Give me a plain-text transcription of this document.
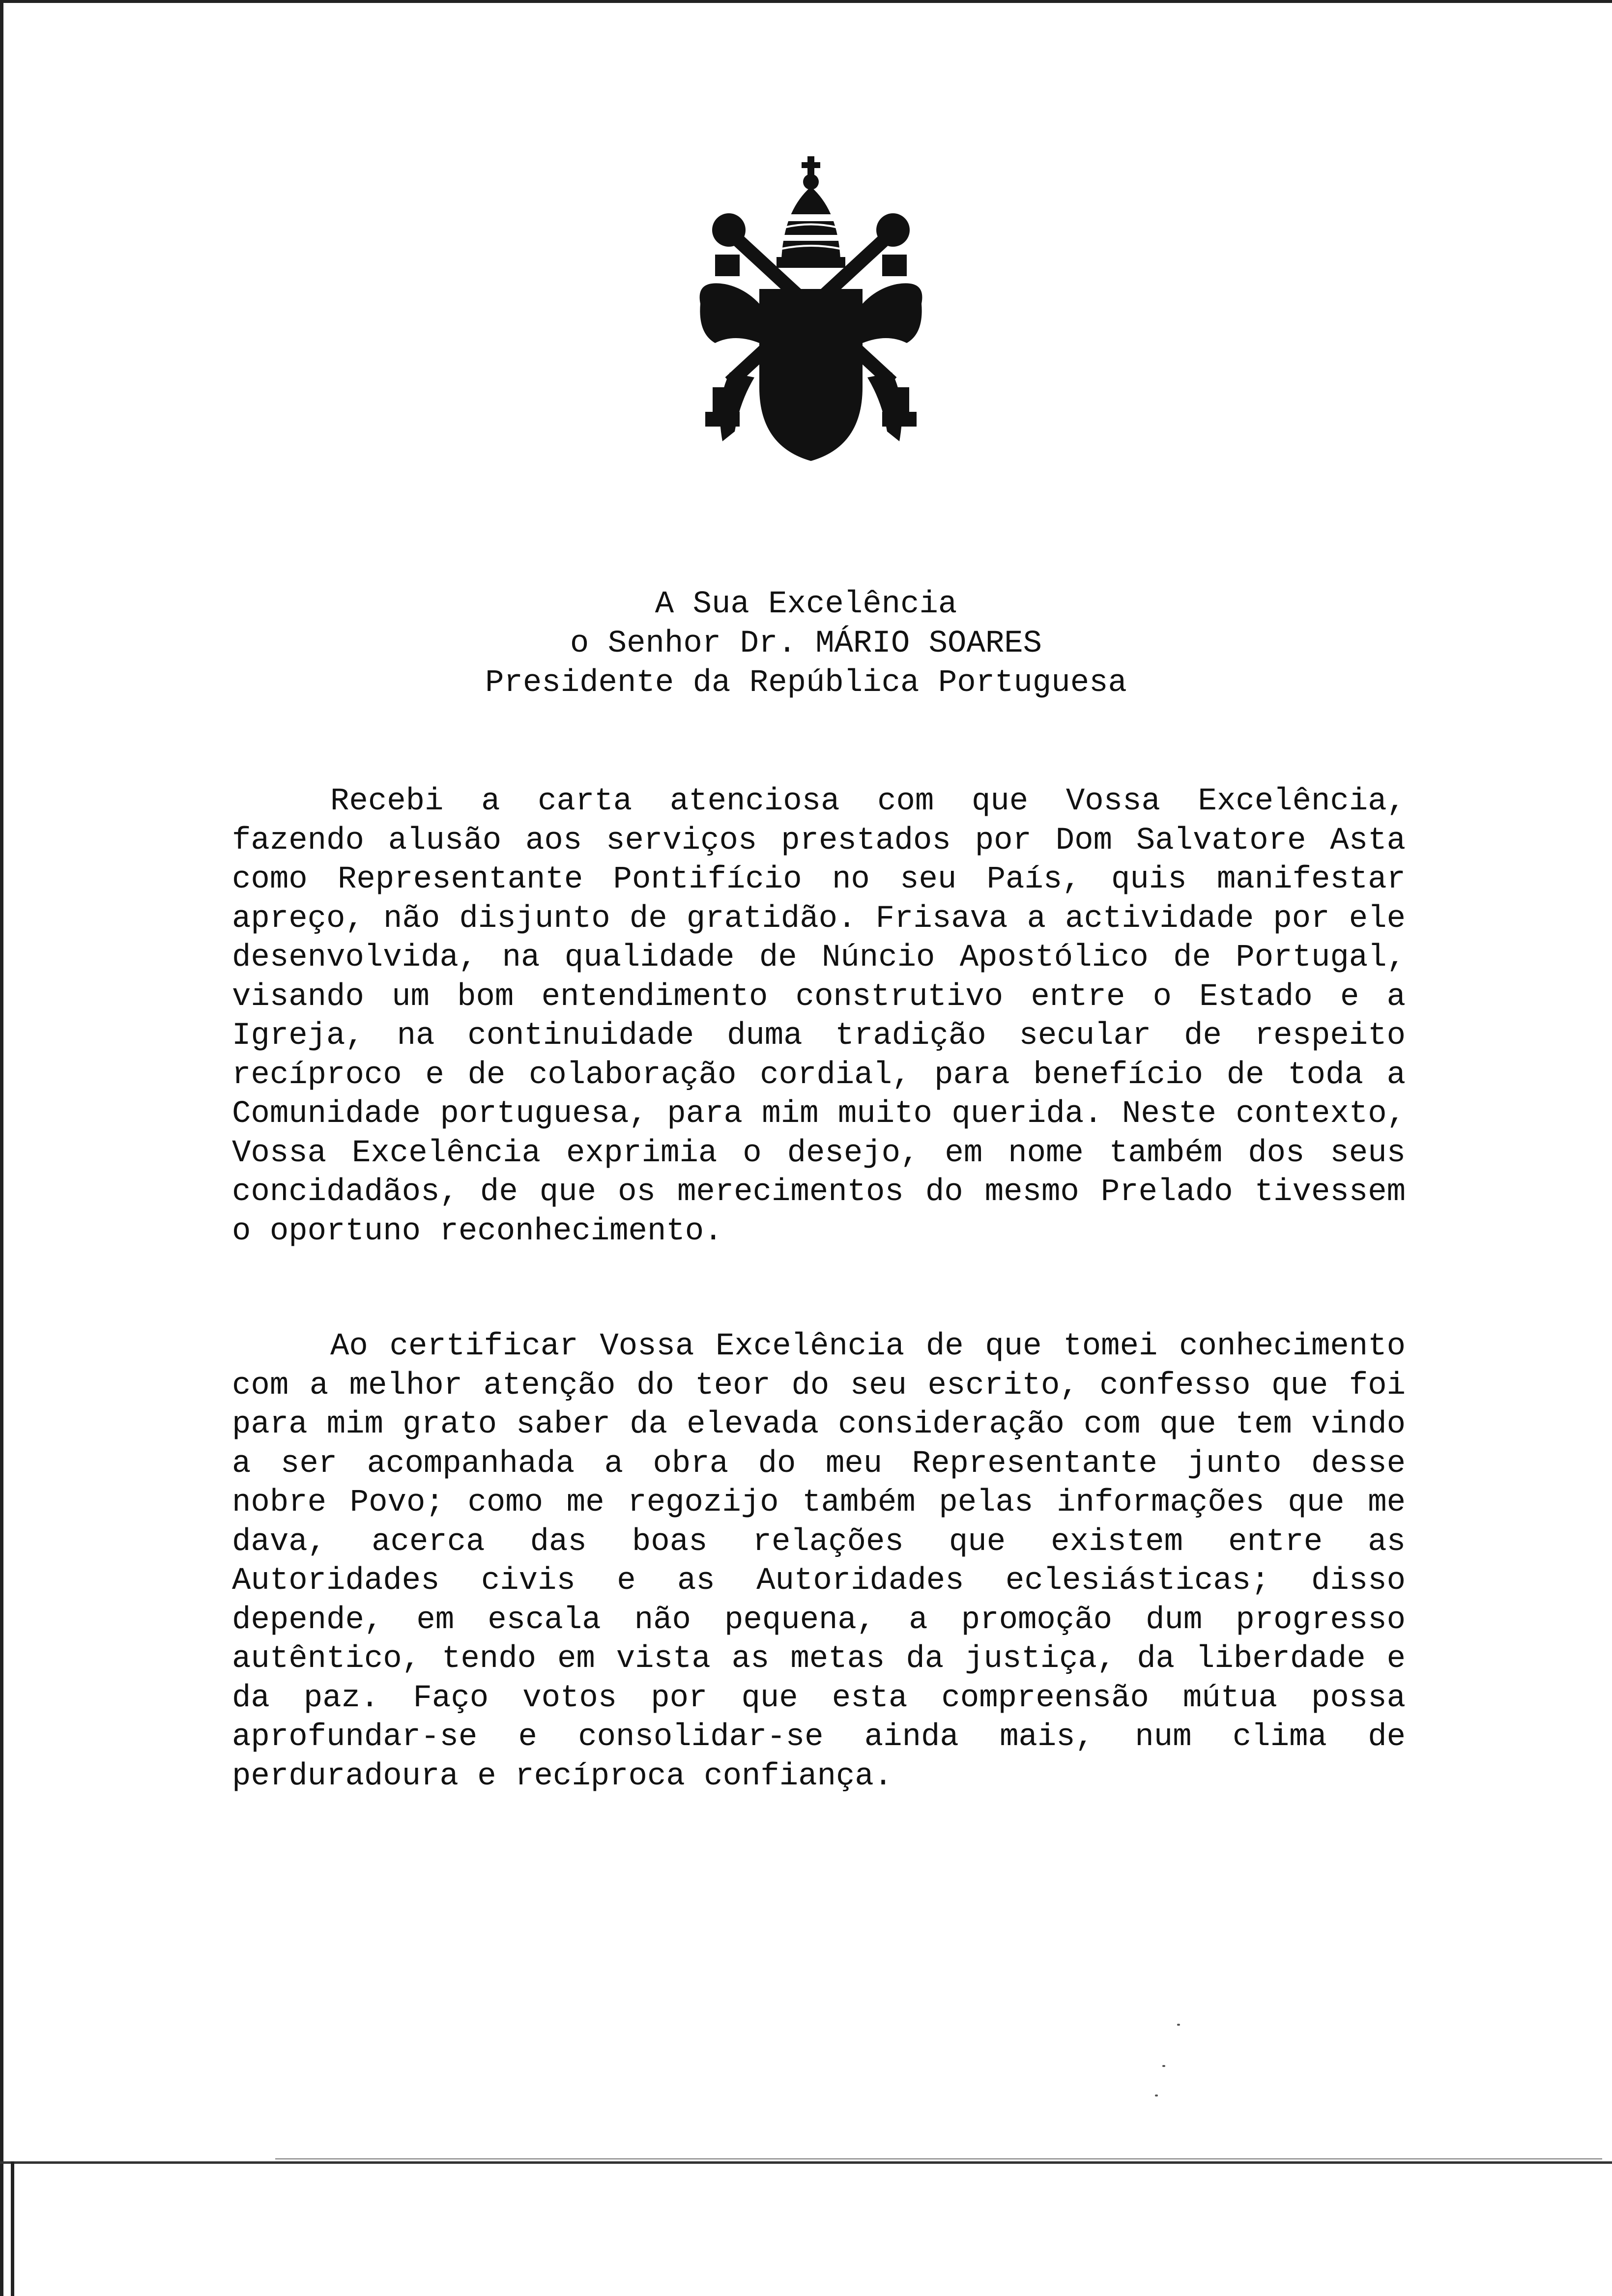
A Sua Excelência
o Senhor Dr. MÁRIO SOARES
Presidente da República Portuguesa

Recebi a carta atenciosa com que Vossa Excelência, fazendo alusão aos serviços prestados por Dom Salvatore Asta como Representante Pontifício no seu País, quis manifestar apreço, não disjunto de gratidão. Frisava a actividade por ele desenvolvida, na qualidade de Núncio Apostólico de Portugal, visando um bom entendimento construtivo entre o Estado e a Igreja, na continuidade duma tradição secular de respeito recíproco e de colaboração cordial, para benefício de toda a Comunidade portuguesa, para mim muito querida. Neste contexto, Vossa Excelência exprimia o desejo, em nome também dos seus concidadãos, de que os merecimentos do mesmo Prelado tivessem o oportuno reconhecimento.

Ao certificar Vossa Excelência de que tomei conhecimento com a melhor atenção do teor do seu escrito, confesso que foi para mim grato saber da elevada consideração com que tem vindo a ser acompanhada a obra do meu Representante junto desse nobre Povo; como me regozijo também pelas informações que me dava, acerca das boas relações que existem entre as Autoridades civis e as Autoridades eclesiásticas; disso depende, em escala não pequena, a promoção dum progresso autêntico, tendo em vista as metas da justiça, da liberdade e da paz. Faço votos por que esta compreensão mútua possa aprofundar-se e consolidar-se ainda mais, num clima de perduradoura e recíproca confiança.
